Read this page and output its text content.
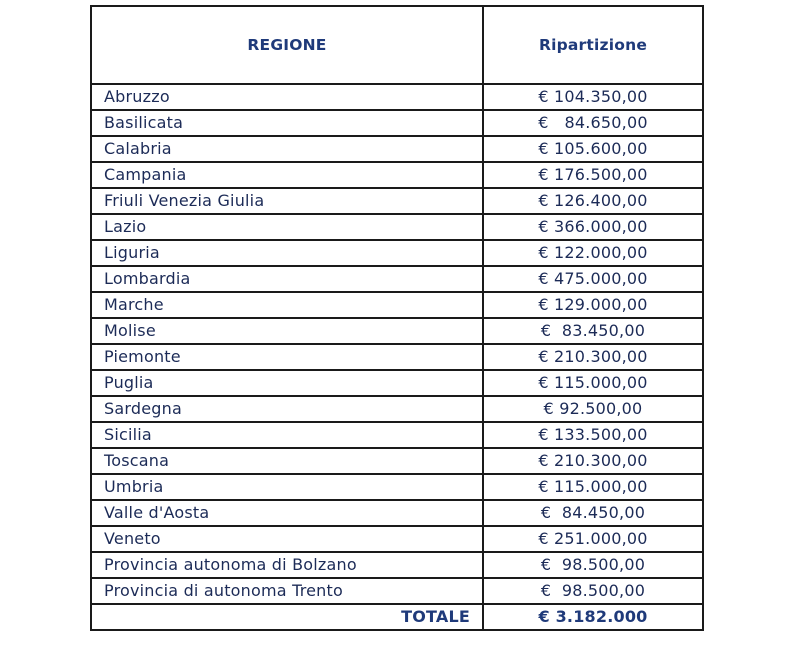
REGIONE	Ripartizione
Abruzzo	€ 104.350,00
Basilicata	€   84.650,00
Calabria	€ 105.600,00
Campania	€ 176.500,00
Friuli Venezia Giulia	€ 126.400,00
Lazio	€ 366.000,00
Liguria	€ 122.000,00
Lombardia	€ 475.000,00
Marche	€ 129.000,00
Molise	€  83.450,00
Piemonte	€ 210.300,00
Puglia	€ 115.000,00
Sardegna	€ 92.500,00
Sicilia	€ 133.500,00
Toscana	€ 210.300,00
Umbria	€ 115.000,00
Valle d'Aosta	€  84.450,00
Veneto	€ 251.000,00
Provincia autonoma di Bolzano	€  98.500,00
Provincia di autonoma Trento	€  98.500,00
TOTALE	€ 3.182.000
